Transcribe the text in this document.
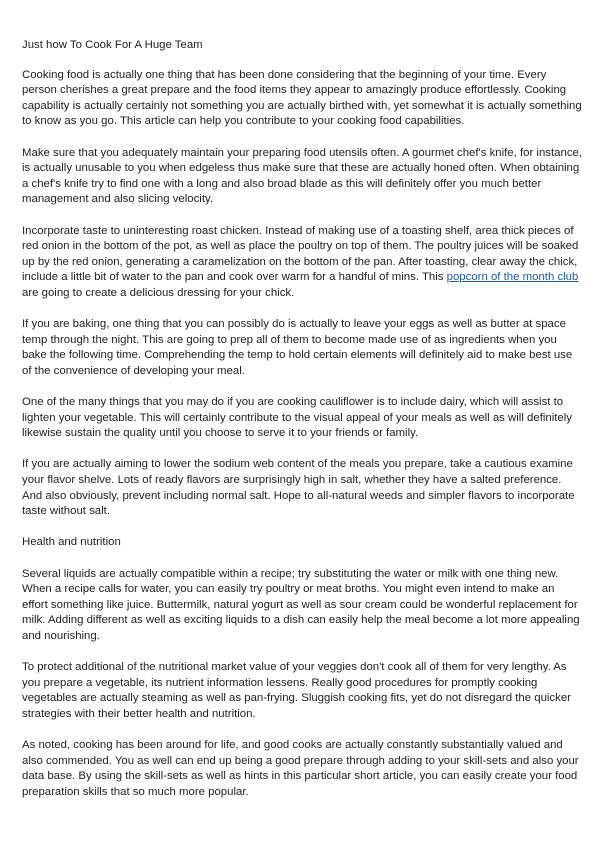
Just how To Cook For A Huge Team

Cooking food is actually one thing that has been done considering that the beginning of your time. Every person cherishes a great prepare and the food items they appear to amazingly produce effortlessly. Cooking capability is actually certainly not something you are actually birthed with, yet somewhat it is actually something to know as you go. This article can help you contribute to your cooking food capabilities.

Make sure that you adequately maintain your preparing food utensils often. A gourmet chef's knife, for instance, is actually unusable to you when edgeless thus make sure that these are actually honed often. When obtaining a chef's knife try to find one with a long and also broad blade as this will definitely offer you much better management and also slicing velocity.

Incorporate taste to uninteresting roast chicken. Instead of making use of a toasting shelf, area thick pieces of red onion in the bottom of the pot, as well as place the poultry on top of them. The poultry juices will be soaked up by the red onion, generating a caramelization on the bottom of the pan. After toasting, clear away the chick, include a little bit of water to the pan and cook over warm for a handful of mins. This popcorn of the month club are going to create a delicious dressing for your chick.

If you are baking, one thing that you can possibly do is actually to leave your eggs as well as butter at space temp through the night. This are going to prep all of them to become made use of as ingredients when you bake the following time. Comprehending the temp to hold certain elements will definitely aid to make best use of the convenience of developing your meal.

One of the many things that you may do if you are cooking cauliflower is to include dairy, which will assist to lighten your vegetable. This will certainly contribute to the visual appeal of your meals as well as will definitely likewise sustain the quality until you choose to serve it to your friends or family.

If you are actually aiming to lower the sodium web content of the meals you prepare, take a cautious examine your flavor shelve. Lots of ready flavors are surprisingly high in salt, whether they have a salted preference. And also obviously, prevent including normal salt. Hope to all-natural weeds and simpler flavors to incorporate taste without salt.

Health and nutrition

Several liquids are actually compatible within a recipe; try substituting the water or milk with one thing new. When a recipe calls for water, you can easily try poultry or meat broths. You might even intend to make an effort something like juice. Buttermilk, natural yogurt as well as sour cream could be wonderful replacement for milk. Adding different as well as exciting liquids to a dish can easily help the meal become a lot more appealing and nourishing.

To protect additional of the nutritional market value of your veggies don't cook all of them for very lengthy. As you prepare a vegetable, its nutrient information lessens. Really good procedures for promptly cooking vegetables are actually steaming as well as pan-frying. Sluggish cooking fits, yet do not disregard the quicker strategies with their better health and nutrition.

As noted, cooking has been around for life, and good cooks are actually constantly substantially valued and also commended. You as well can end up being a good prepare through adding to your skill-sets and also your data base. By using the skill-sets as well as hints in this particular short article, you can easily create your food preparation skills that so much more popular.
